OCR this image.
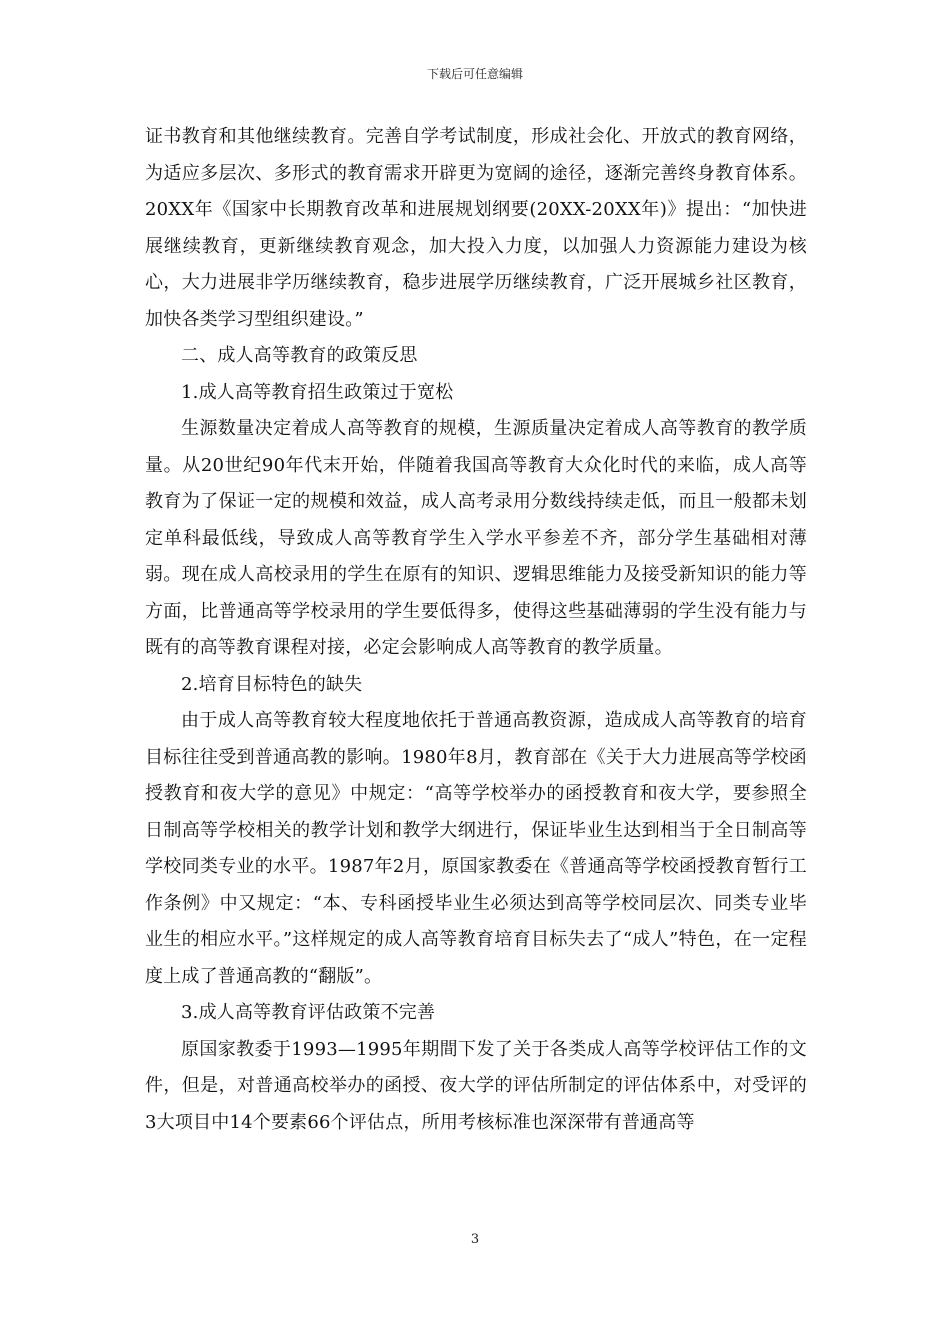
下载后可任意编辑

证书教育和其他继续教育。完善自学考试制度，形成社会化、开放式的教育网络，为适应多层次、多形式的教育需求开辟更为宽阔的途径，逐渐完善终身教育体系。20XX年《国家中长期教育改革和进展规划纲要(20XX-20XX年)》提出：“加快进展继续教育，更新继续教育观念，加大投入力度，以加强人力资源能力建设为核心，大力进展非学历继续教育，稳步进展学历继续教育，广泛开展城乡社区教育，加快各类学习型组织建设。”

二、成人高等教育的政策反思

1.成人高等教育招生政策过于宽松

生源数量决定着成人高等教育的规模，生源质量决定着成人高等教育的教学质量。从20世纪90年代末开始，伴随着我国高等教育大众化时代的来临，成人高等教育为了保证一定的规模和效益，成人高考录用分数线持续走低，而且一般都未划定单科最低线，导致成人高等教育学生入学水平参差不齐，部分学生基础相对薄弱。现在成人高校录用的学生在原有的知识、逻辑思维能力及接受新知识的能力等方面，比普通高等学校录用的学生要低得多，使得这些基础薄弱的学生没有能力与既有的高等教育课程对接，必定会影响成人高等教育的教学质量。

2.培育目标特色的缺失

由于成人高等教育较大程度地依托于普通高教资源，造成成人高等教育的培育目标往往受到普通高教的影响。1980年8月，教育部在《关于大力进展高等学校函授教育和夜大学的意见》中规定：“高等学校举办的函授教育和夜大学，要参照全日制高等学校相关的教学计划和教学大纲进行，保证毕业生达到相当于全日制高等学校同类专业的水平。1987年2月，原国家教委在《普通高等学校函授教育暂行工作条例》中又规定：“本、专科函授毕业生必须达到高等学校同层次、同类专业毕业生的相应水平。”这样规定的成人高等教育培育目标失去了“成人”特色，在一定程度上成了普通高教的“翻版”。

3.成人高等教育评估政策不完善

原国家教委于1993—1995年期間下发了关于各类成人高等学校评估工作的文件，但是，对普通高校举办的函授、夜大学的评估所制定的评估体系中，对受评的3大项目中14个要素66个评估点，所用考核标准也深深带有普通高等

3
